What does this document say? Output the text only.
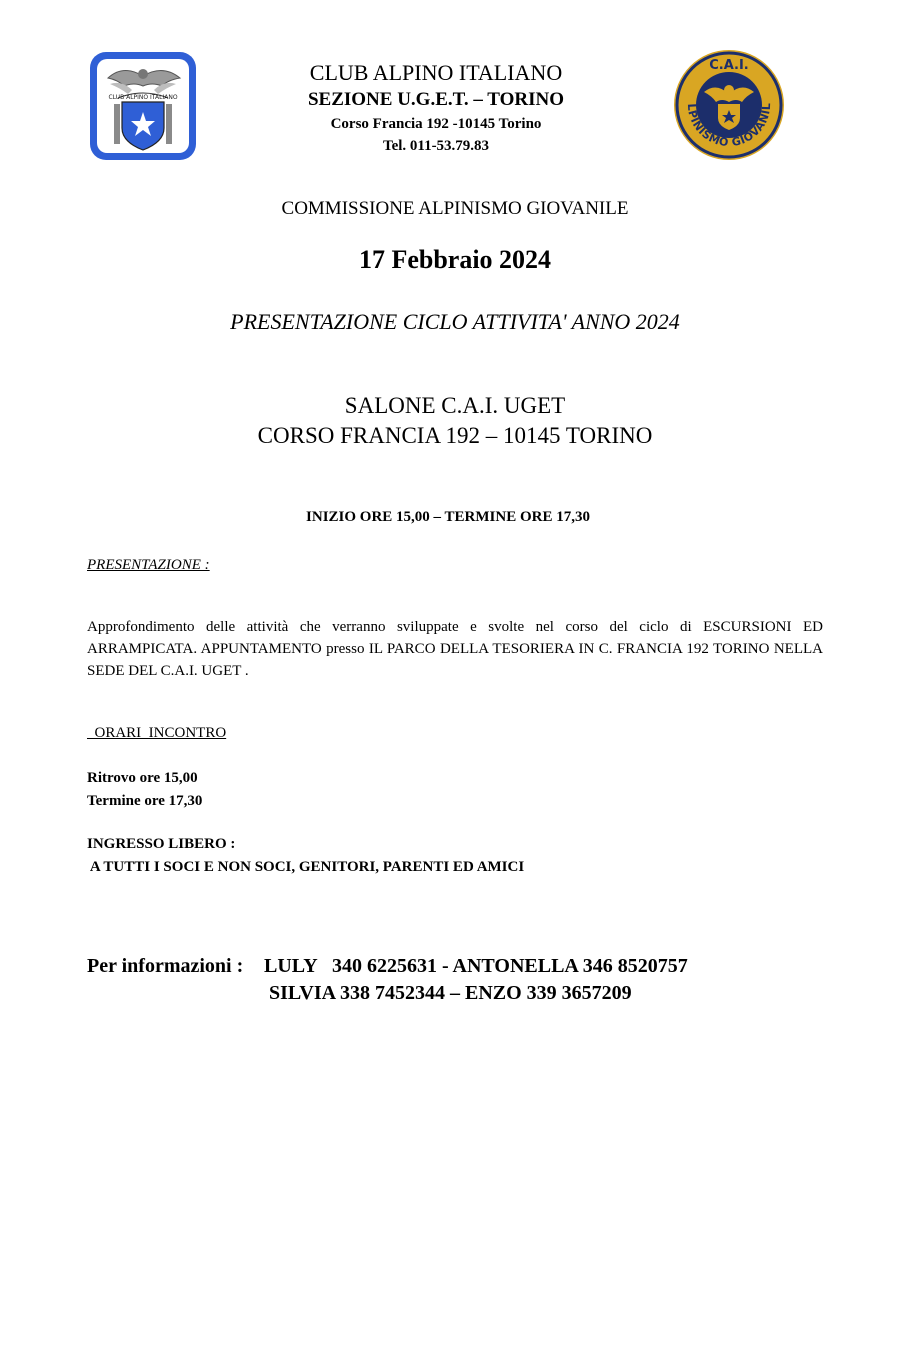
CLUB ALPINO ITALIANO
C.A.I.
LPINISMO GIOVANIL
CLUB ALPINO ITALIANO
SEZIONE U.G.E.T. – TORINO
Corso Francia 192 -10145 Torino
Tel. 011-53.79.83
COMMISSIONE ALPINISMO GIOVANILE
17 Febbraio 2024
PRESENTAZIONE CICLO ATTIVITA' ANNO 2024
SALONE C.A.I. UGET
CORSO FRANCIA 192 – 10145 TORINO
INIZIO ORE 15,00 – TERMINE ORE 17,30
PRESENTAZIONE :
Approfondimento delle attività che verranno sviluppate e svolte nel corso del ciclo di ESCURSIONI ED ARRAMPICATA. APPUNTAMENTO presso IL PARCO DELLA TESORIERA IN C. FRANCIA 192 TORINO NELLA SEDE DEL C.A.I. UGET .
ORARI  INCONTRO
Ritrovo ore 15,00
Termine ore 17,30
INGRESSO LIBERO :
A TUTTI I SOCI E NON SOCI, GENITORI, PARENTI ED AMICI
Per informazioni : LULY   340 6225631 - ANTONELLA 346 8520757
SILVIA 338 7452344 – ENZO 339 3657209
